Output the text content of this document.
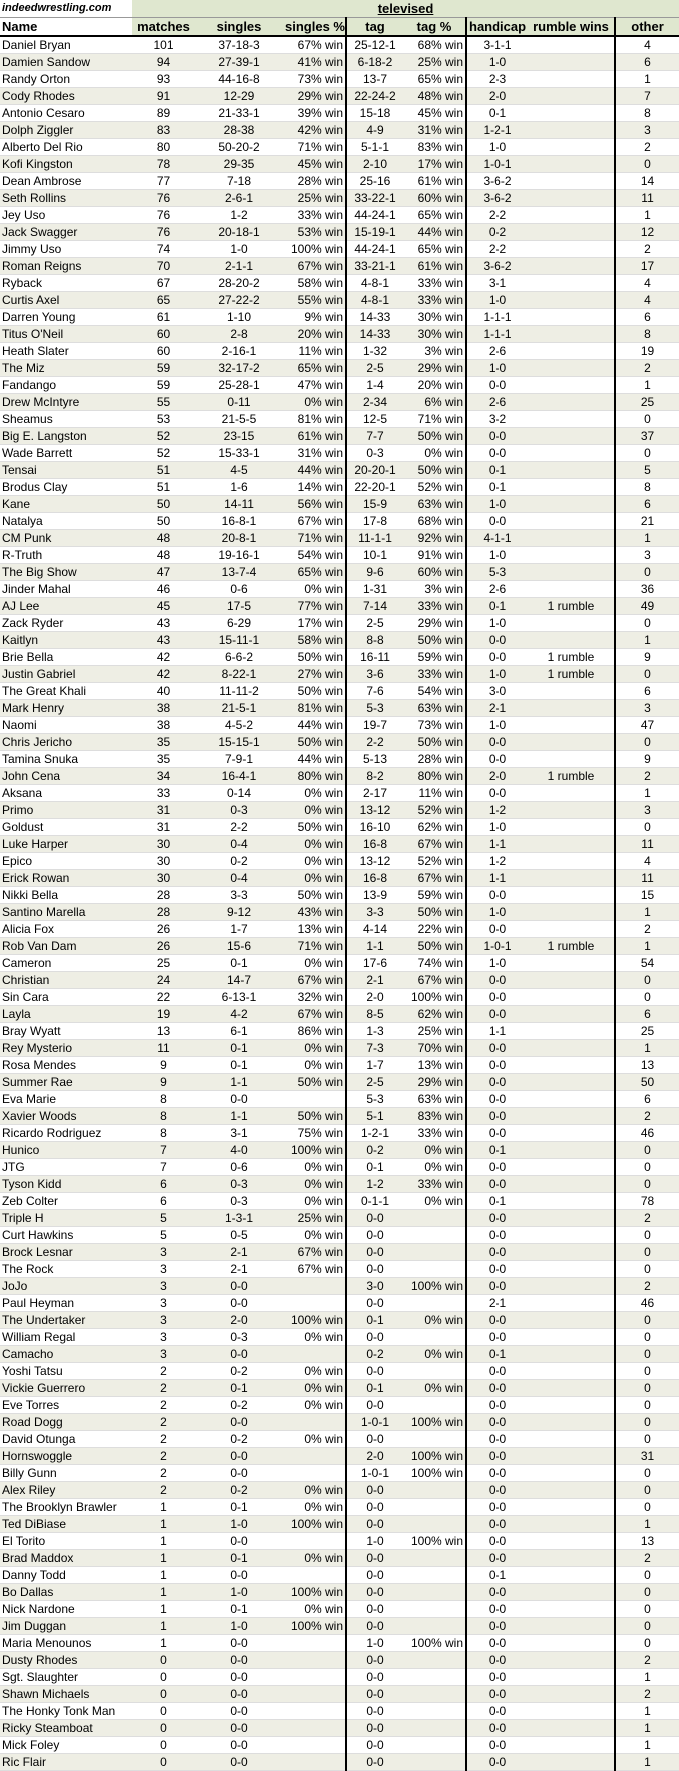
indeedwrestling.com	televised							
Name	matches	singles	singles %	tag	tag %	handicap	rumble wins	other
Daniel Bryan	101	37-18-3	67% win	25-12-1	68% win	3-1-1		4
Damien Sandow	94	27-39-1	41% win	6-18-2	25% win	1-0		6
Randy Orton	93	44-16-8	73% win	13-7	65% win	2-3		1
Cody Rhodes	91	12-29	29% win	22-24-2	48% win	2-0		7
Antonio Cesaro	89	21-33-1	39% win	15-18	45% win	0-1		8
Dolph Ziggler	83	28-38	42% win	4-9	31% win	1-2-1		3
Alberto Del Rio	80	50-20-2	71% win	5-1-1	83% win	1-0		2
Kofi Kingston	78	29-35	45% win	2-10	17% win	1-0-1		0
Dean Ambrose	77	7-18	28% win	25-16	61% win	3-6-2		14
Seth Rollins	76	2-6-1	25% win	33-22-1	60% win	3-6-2		11
Jey Uso	76	1-2	33% win	44-24-1	65% win	2-2		1
Jack Swagger	76	20-18-1	53% win	15-19-1	44% win	0-2		12
Jimmy Uso	74	1-0	100% win	44-24-1	65% win	2-2		2
Roman Reigns	70	2-1-1	67% win	33-21-1	61% win	3-6-2		17
Ryback	67	28-20-2	58% win	4-8-1	33% win	3-1		4
Curtis Axel	65	27-22-2	55% win	4-8-1	33% win	1-0		4
Darren Young	61	1-10	9% win	14-33	30% win	1-1-1		6
Titus O'Neil	60	2-8	20% win	14-33	30% win	1-1-1		8
Heath Slater	60	2-16-1	11% win	1-32	3% win	2-6		19
The Miz	59	32-17-2	65% win	2-5	29% win	1-0		2
Fandango	59	25-28-1	47% win	1-4	20% win	0-0		1
Drew McIntyre	55	0-11	0% win	2-34	6% win	2-6		25
Sheamus	53	21-5-5	81% win	12-5	71% win	3-2		0
Big E. Langston	52	23-15	61% win	7-7	50% win	0-0		37
Wade Barrett	52	15-33-1	31% win	0-3	0% win	0-0		0
Tensai	51	4-5	44% win	20-20-1	50% win	0-1		5
Brodus Clay	51	1-6	14% win	22-20-1	52% win	0-1		8
Kane	50	14-11	56% win	15-9	63% win	1-0		6
Natalya	50	16-8-1	67% win	17-8	68% win	0-0		21
CM Punk	48	20-8-1	71% win	11-1-1	92% win	4-1-1		1
R-Truth	48	19-16-1	54% win	10-1	91% win	1-0		3
The Big Show	47	13-7-4	65% win	9-6	60% win	5-3		0
Jinder Mahal	46	0-6	0% win	1-31	3% win	2-6		36
AJ Lee	45	17-5	77% win	7-14	33% win	0-1	1 rumble	49
Zack Ryder	43	6-29	17% win	2-5	29% win	1-0		0
Kaitlyn	43	15-11-1	58% win	8-8	50% win	0-0		1
Brie Bella	42	6-6-2	50% win	16-11	59% win	0-0	1 rumble	9
Justin Gabriel	42	8-22-1	27% win	3-6	33% win	1-0	1 rumble	0
The Great Khali	40	11-11-2	50% win	7-6	54% win	3-0		6
Mark Henry	38	21-5-1	81% win	5-3	63% win	2-1		3
Naomi	38	4-5-2	44% win	19-7	73% win	1-0		47
Chris Jericho	35	15-15-1	50% win	2-2	50% win	0-0		0
Tamina Snuka	35	7-9-1	44% win	5-13	28% win	0-0		9
John Cena	34	16-4-1	80% win	8-2	80% win	2-0	1 rumble	2
Aksana	33	0-14	0% win	2-17	11% win	0-0		1
Primo	31	0-3	0% win	13-12	52% win	1-2		3
Goldust	31	2-2	50% win	16-10	62% win	1-0		0
Luke Harper	30	0-4	0% win	16-8	67% win	1-1		11
Epico	30	0-2	0% win	13-12	52% win	1-2		4
Erick Rowan	30	0-4	0% win	16-8	67% win	1-1		11
Nikki Bella	28	3-3	50% win	13-9	59% win	0-0		15
Santino Marella	28	9-12	43% win	3-3	50% win	1-0		1
Alicia Fox	26	1-7	13% win	4-14	22% win	0-0		2
Rob Van Dam	26	15-6	71% win	1-1	50% win	1-0-1	1 rumble	1
Cameron	25	0-1	0% win	17-6	74% win	1-0		54
Christian	24	14-7	67% win	2-1	67% win	0-0		0
Sin Cara	22	6-13-1	32% win	2-0	100% win	0-0		0
Layla	19	4-2	67% win	8-5	62% win	0-0		6
Bray Wyatt	13	6-1	86% win	1-3	25% win	1-1		25
Rey Mysterio	11	0-1	0% win	7-3	70% win	0-0		1
Rosa Mendes	9	0-1	0% win	1-7	13% win	0-0		13
Summer Rae	9	1-1	50% win	2-5	29% win	0-0		50
Eva Marie	8	0-0		5-3	63% win	0-0		6
Xavier Woods	8	1-1	50% win	5-1	83% win	0-0		2
Ricardo Rodriguez	8	3-1	75% win	1-2-1	33% win	0-0		46
Hunico	7	4-0	100% win	0-2	0% win	0-1		0
JTG	7	0-6	0% win	0-1	0% win	0-0		0
Tyson Kidd	6	0-3	0% win	1-2	33% win	0-0		0
Zeb Colter	6	0-3	0% win	0-1-1	0% win	0-1		78
Triple H	5	1-3-1	25% win	0-0		0-0		2
Curt Hawkins	5	0-5	0% win	0-0		0-0		0
Brock Lesnar	3	2-1	67% win	0-0		0-0		0
The Rock	3	2-1	67% win	0-0		0-0		0
JoJo	3	0-0		3-0	100% win	0-0		2
Paul Heyman	3	0-0		0-0		2-1		46
The Undertaker	3	2-0	100% win	0-1	0% win	0-0		0
William Regal	3	0-3	0% win	0-0		0-0		0
Camacho	3	0-0		0-2	0% win	0-1		0
Yoshi Tatsu	2	0-2	0% win	0-0		0-0		0
Vickie Guerrero	2	0-1	0% win	0-1	0% win	0-0		0
Eve Torres	2	0-2	0% win	0-0		0-0		0
Road Dogg	2	0-0		1-0-1	100% win	0-0		0
David Otunga	2	0-2	0% win	0-0		0-0		0
Hornswoggle	2	0-0		2-0	100% win	0-0		31
Billy Gunn	2	0-0		1-0-1	100% win	0-0		0
Alex Riley	2	0-2	0% win	0-0		0-0		0
The Brooklyn Brawler	1	0-1	0% win	0-0		0-0		0
Ted DiBiase	1	1-0	100% win	0-0		0-0		1
El Torito	1	0-0		1-0	100% win	0-0		13
Brad Maddox	1	0-1	0% win	0-0		0-0		2
Danny Todd	1	0-0		0-0		0-1		0
Bo Dallas	1	1-0	100% win	0-0		0-0		0
Nick Nardone	1	0-1	0% win	0-0		0-0		0
Jim Duggan	1	1-0	100% win	0-0		0-0		0
Maria Menounos	1	0-0		1-0	100% win	0-0		0
Dusty Rhodes	0	0-0		0-0		0-0		2
Sgt. Slaughter	0	0-0		0-0		0-0		1
Shawn Michaels	0	0-0		0-0		0-0		2
The Honky Tonk Man	0	0-0		0-0		0-0		1
Ricky Steamboat	0	0-0		0-0		0-0		1
Mick Foley	0	0-0		0-0		0-0		1
Ric Flair	0	0-0		0-0		0-0		1
